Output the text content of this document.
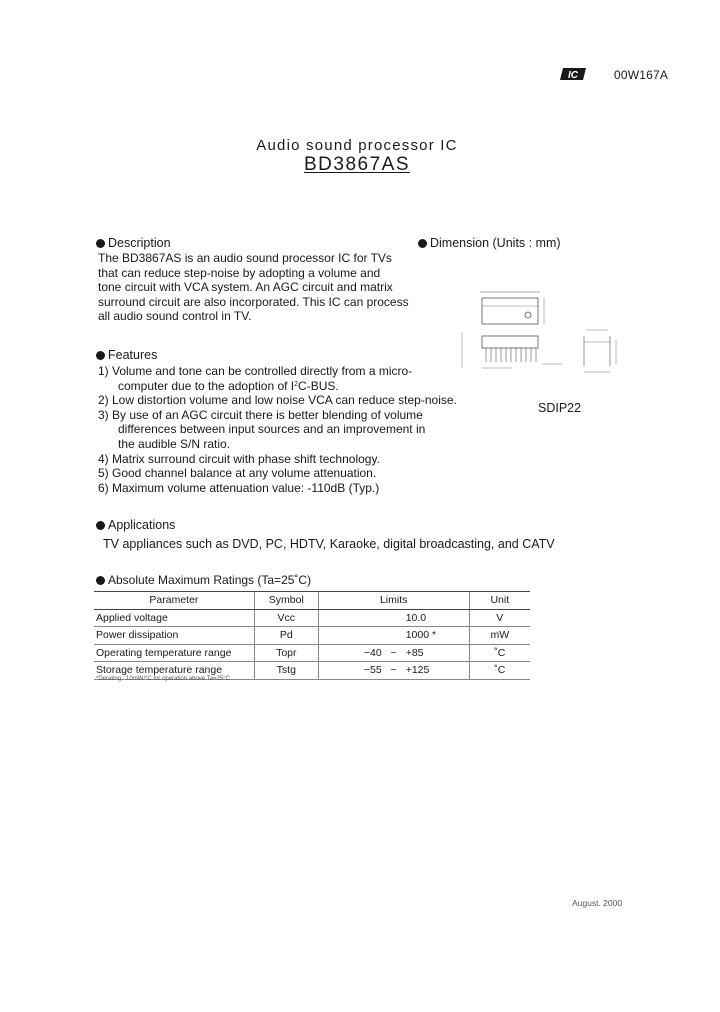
IC	00W167A
Audio sound processor IC
BD3867AS
Description
The BD3867AS is an audio sound processor IC for TVs
that can reduce step-noise by adopting a volume and
tone circuit with VCA system. An AGC circuit and matrix
surround circuit are also incorporated. This IC can process
all audio sound control in TV.
Dimension (Units : mm)
SDIP22
Features
1) Volume and tone can be controlled directly from a micro-
computer due to the adoption of $I^2C$-BUS.
2) Low distortion volume and low noise VCA can reduce step-noise.
3) By use of an AGC circuit there is better blending of volume
differences between input sources and an improvement in
the audible S/N ratio.
4) Matrix surround circuit with phase shift technology.
5) Good channel balance at any volume attenuation.
6) Maximum volume attenuation value: -110dB (Typ.)
Applications
TV appliances such as DVD, PC, HDTV, Karaoke, digital broadcasting, and CATV
Absolute Maximum Ratings (Ta=25˚C)
Parameter	Symbol	Limits	Unit
Applied voltage	Vcc	10.0	V
Power dissipation	Pd	1000 *	mW
Operating temperature range	Topr	−40 ~ +85	˚C
Storage temperature range	Tstg	−55 ~ +125	˚C
*Derating : 10mW/°C for operation above Ta=25°C
August. 2000
